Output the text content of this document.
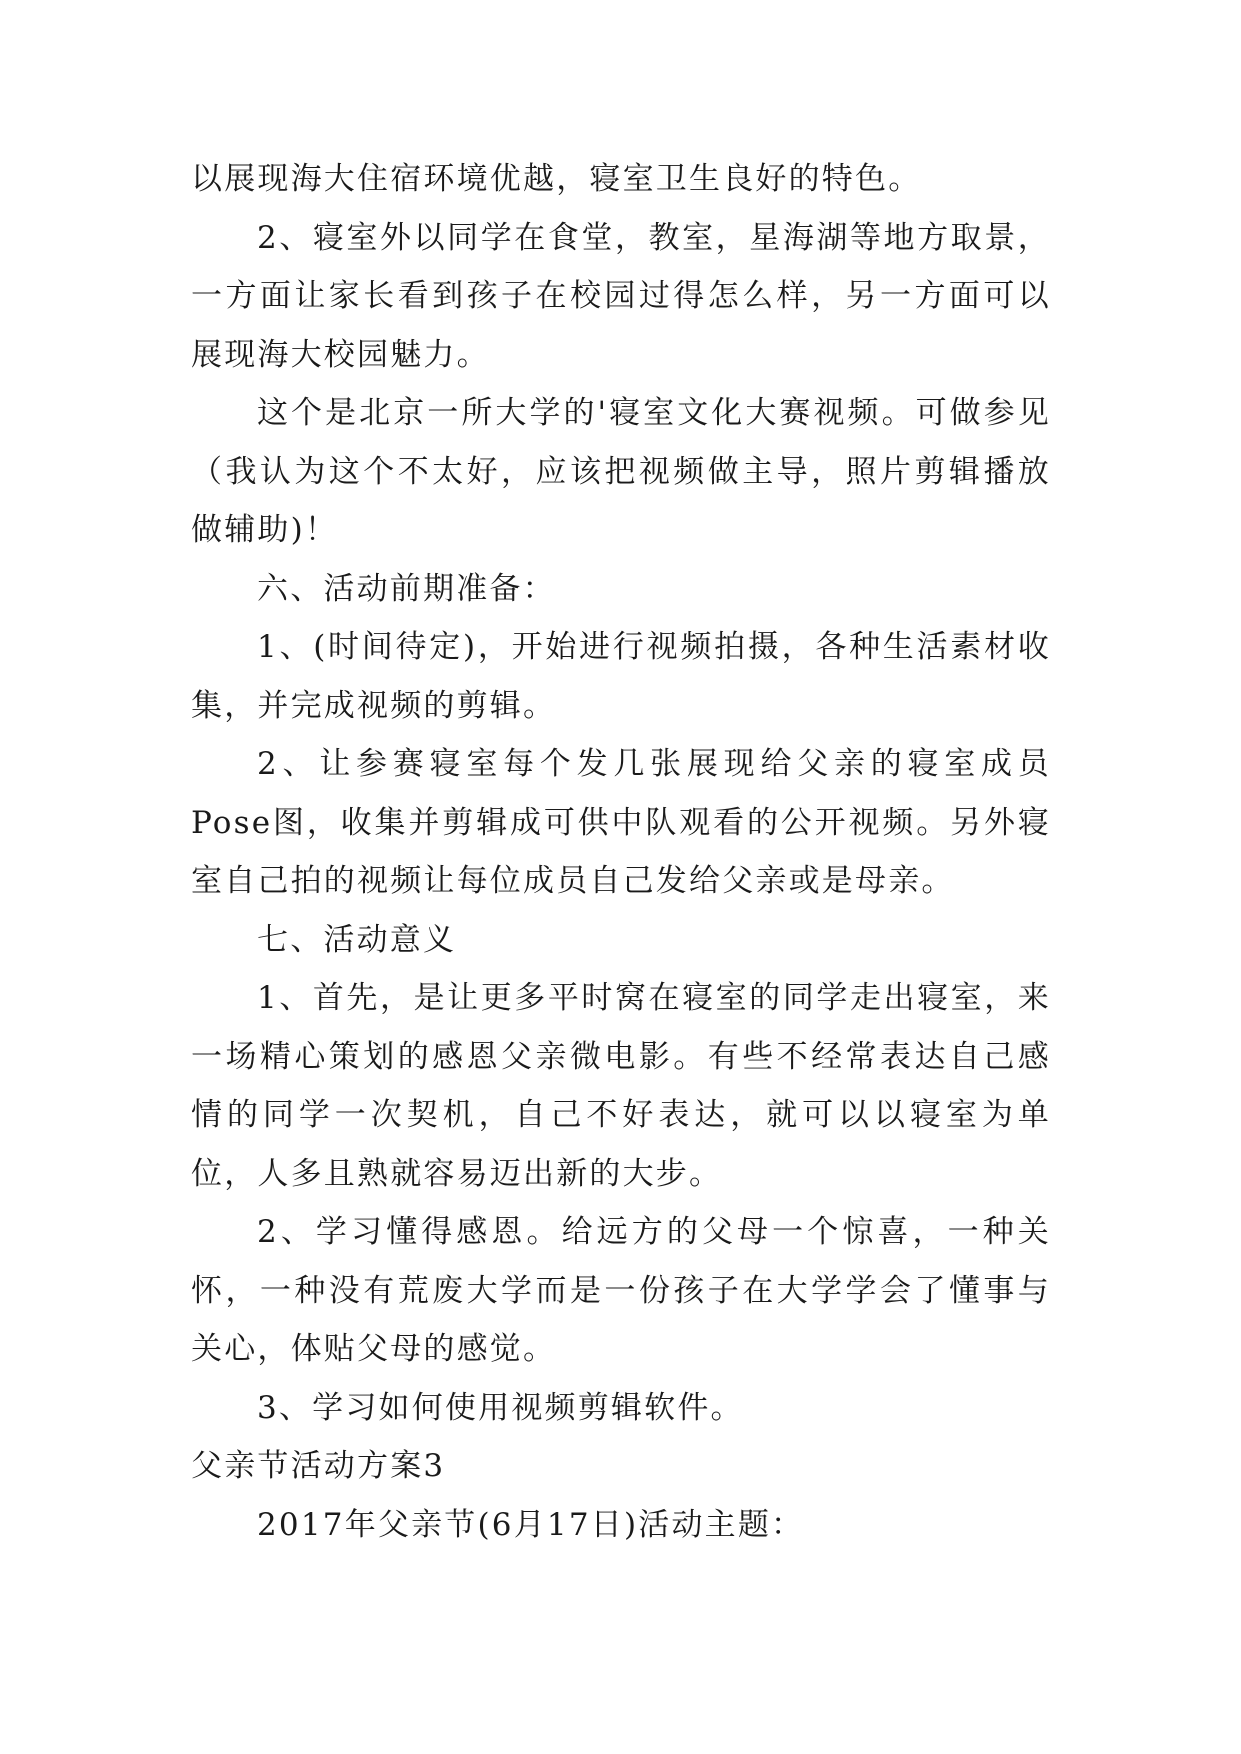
以展现海大住宿环境优越，寝室卫生良好的特色。

2、寝室外以同学在食堂，教室，星海湖等地方取景，一方面让家长看到孩子在校园过得怎么样，另一方面可以展现海大校园魅力。

这个是北京一所大学的'寝室文化大赛视频。可做参见（我认为这个不太好，应该把视频做主导，照片剪辑播放做辅助)！

六、活动前期准备：

1、(时间待定)，开始进行视频拍摄，各种生活素材收集，并完成视频的剪辑。

2、让参赛寝室每个发几张展现给父亲的寝室成员Pose图，收集并剪辑成可供中队观看的公开视频。另外寝室自己拍的视频让每位成员自己发给父亲或是母亲。

七、活动意义

1、首先，是让更多平时窝在寝室的同学走出寝室，来一场精心策划的感恩父亲微电影。有些不经常表达自己感情的同学一次契机，自己不好表达，就可以以寝室为单位，人多且熟就容易迈出新的大步。

2、学习懂得感恩。给远方的父母一个惊喜，一种关怀，一种没有荒废大学而是一份孩子在大学学会了懂事与关心，体贴父母的感觉。

3、学习如何使用视频剪辑软件。

父亲节活动方案3

2017年父亲节(6月17日)活动主题：
